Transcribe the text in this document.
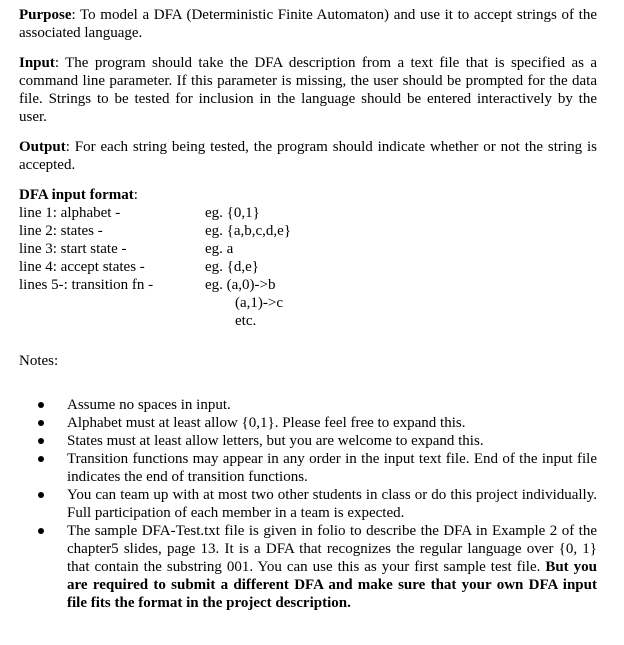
Purpose: To model a DFA (Deterministic Finite Automaton) and use it to accept strings of the associated language.

Input: The program should take the DFA description from a text file that is specified as a command line parameter. If this parameter is missing, the user should be prompted for the data file. Strings to be tested for inclusion in the language should be entered interactively by the user.

Output: For each string being tested, the program should indicate whether or not the string is accepted.

DFA input format:
line 1: alphabet -	eg. {0,1}
line 2: states -	eg. {a,b,c,d,e}
line 3: start state -	eg. a
line 4: accept states -	eg. {d,e}
lines 5-: transition fn -	eg. (a,0)->b
(a,1)->c
etc.
Notes:
Assume no spaces in input.
Alphabet must at least allow {0,1}. Please feel free to expand this.
States must at least allow letters, but you are welcome to expand this.
Transition functions may appear in any order in the input text file. End of the input file indicates the end of transition functions.
You can team up with at most two other students in class or do this project individually. Full participation of each member in a team is expected.
The sample DFA-Test.txt file is given in folio to describe the DFA in Example 2 of the chapter5 slides, page 13. It is a DFA that recognizes the regular language over {0, 1} that contain the substring 001. You can use this as your first sample test file. But you are required to submit a different DFA and make sure that your own DFA input file fits the format in the project description.
